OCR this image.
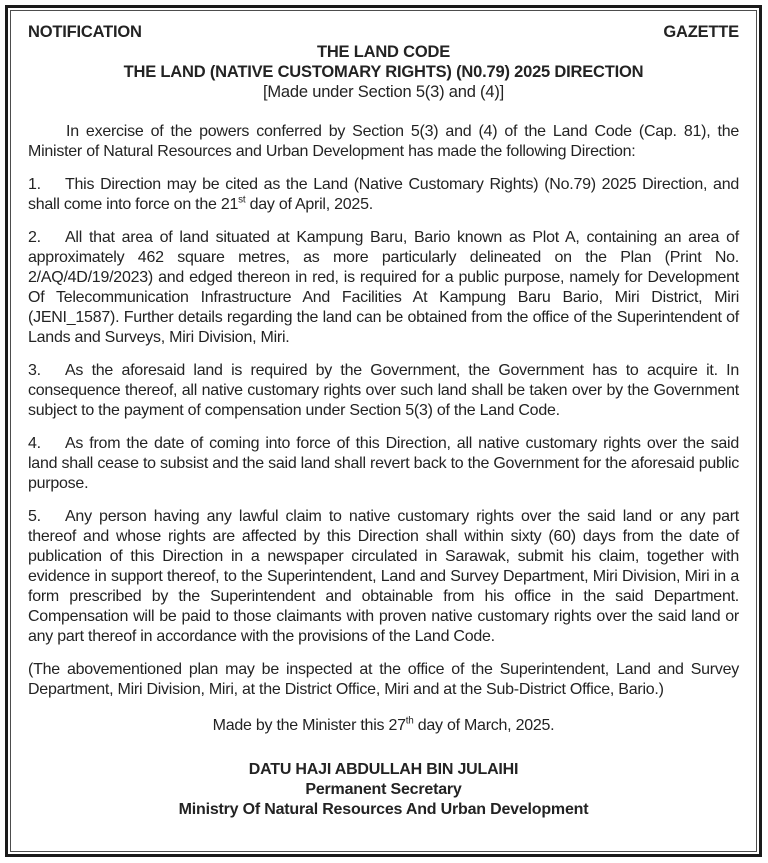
NOTIFICATION	GAZETTE
THE LAND CODE
THE LAND (NATIVE CUSTOMARY RIGHTS) (N0.79) 2025 DIRECTION
[Made under Section 5(3) and (4)]

In exercise of the powers conferred by Section 5(3) and (4) of the Land Code (Cap. 81), the Minister of Natural Resources and Urban Development has made the following Direction:

1. This Direction may be cited as the Land (Native Customary Rights) (No.79) 2025 Direction, and shall come into force on the 21st day of April, 2025.

2. All that area of land situated at Kampung Baru, Bario known as Plot A, containing an area of approximately 462 square metres, as more particularly delineated on the Plan (Print No. 2/AQ/4D/19/2023) and edged thereon in red, is required for a public purpose, namely for Development Of Telecommunication Infrastructure And Facilities At Kampung Baru Bario, Miri District, Miri (JENI_1587). Further details regarding the land can be obtained from the office of the Superintendent of Lands and Surveys, Miri Division, Miri.

3. As the aforesaid land is required by the Government, the Government has to acquire it. In consequence thereof, all native customary rights over such land shall be taken over by the Government subject to the payment of compensation under Section 5(3) of the Land Code.

4. As from the date of coming into force of this Direction, all native customary rights over the said land shall cease to subsist and the said land shall revert back to the Government for the aforesaid public purpose.

5. Any person having any lawful claim to native customary rights over the said land or any part thereof and whose rights are affected by this Direction shall within sixty (60) days from the date of publication of this Direction in a newspaper circulated in Sarawak, submit his claim, together with evidence in support thereof, to the Superintendent, Land and Survey Department, Miri Division, Miri in a form prescribed by the Superintendent and obtainable from his office in the said Department. Compensation will be paid to those claimants with proven native customary rights over the said land or any part thereof in accordance with the provisions of the Land Code.

(The abovementioned plan may be inspected at the office of the Superintendent, Land and Survey Department, Miri Division, Miri, at the District Office, Miri and at the Sub-District Office, Bario.)

Made by the Minister this 27th day of March, 2025.

DATU HAJI ABDULLAH BIN JULAIHI
Permanent Secretary
Ministry Of Natural Resources And Urban Development
